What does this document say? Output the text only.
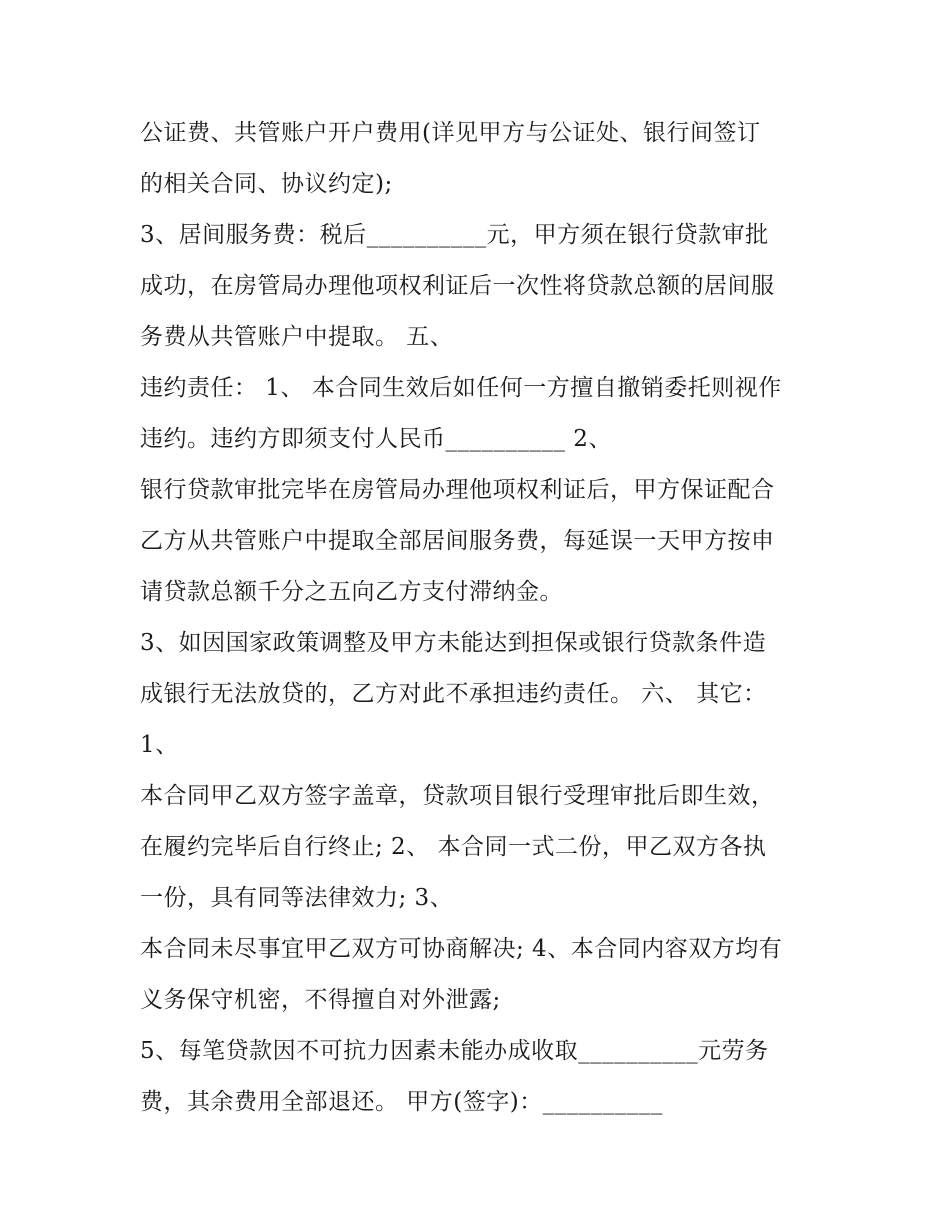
公证费、共管账户开户费用(详见甲方与公证处、银行间签订
的相关合同、协议约定);
3、居间服务费：税后__________元，甲方须在银行贷款审批
成功，在房管局办理他项权利证后一次性将贷款总额的居间服
务费从共管账户中提取。 五、
违约责任： 1、 本合同生效后如任何一方擅自撤销委托则视作
违约。违约方即须支付人民币__________ 2、
银行贷款审批完毕在房管局办理他项权利证后，甲方保证配合
乙方从共管账户中提取全部居间服务费，每延误一天甲方按申
请贷款总额千分之五向乙方支付滞纳金。
3、如因国家政策调整及甲方未能达到担保或银行贷款条件造
成银行无法放贷的，乙方对此不承担违约责任。 六、 其它：
1、
本合同甲乙双方签字盖章，贷款项目银行受理审批后即生效，
在履约完毕后自行终止; 2、 本合同一式二份，甲乙双方各执
一份，具有同等法律效力; 3、
本合同未尽事宜甲乙双方可协商解决; 4、本合同内容双方均有
义务保守机密，不得擅自对外泄露;
5、每笔贷款因不可抗力因素未能办成收取__________元劳务
费，其余费用全部退还。 甲方(签字)：__________
